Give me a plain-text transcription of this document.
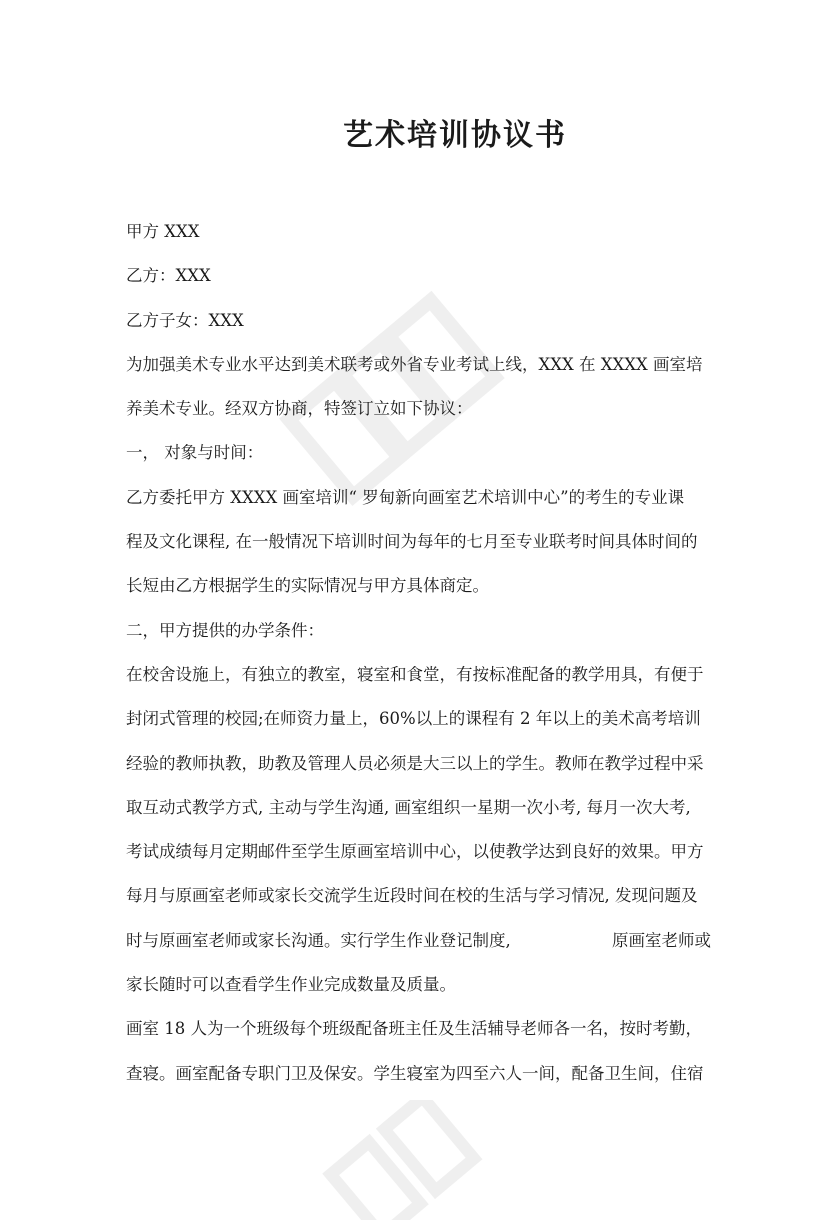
艺术培训协议书
甲方 XXX
乙方：XXX
乙方子女：XXX
为加强美术专业水平达到美术联考或外省专业考试上线，XXX 在 XXXX 画室培
养美术专业。经双方协商，特签订立如下协议：
一， 对象与时间：
乙方委托甲方 XXXX 画室培训“ 罗甸新向画室艺术培训中心”的考生的专业课
程及文化课程, 在一般情况下培训时间为每年的七月至专业联考时间具体时间的
长短由乙方根据学生的实际情况与甲方具体商定。
二，甲方提供的办学条件：
在校舍设施上，有独立的教室，寝室和食堂，有按标准配备的教学用具，有便于
封闭式管理的校园;在师资力量上，60%以上的课程有 2 年以上的美术高考培训
经验的教师执教，助教及管理人员必须是大三以上的学生。教师在教学过程中采
取互动式教学方式, 主动与学生沟通, 画室组织一星期一次小考, 每月一次大考,
考试成绩每月定期邮件至学生原画室培训中心，以使教学达到良好的效果。甲方
每月与原画室老师或家长交流学生近段时间在校的生活与学习情况, 发现问题及
时与原画室老师或家长沟通。实行学生作业登记制度,	原画室老师或
家长随时可以查看学生作业完成数量及质量。
画室 18 人为一个班级每个班级配备班主任及生活辅导老师各一名，按时考勤，
查寝。画室配备专职门卫及保安。学生寝室为四至六人一间，配备卫生间，住宿
